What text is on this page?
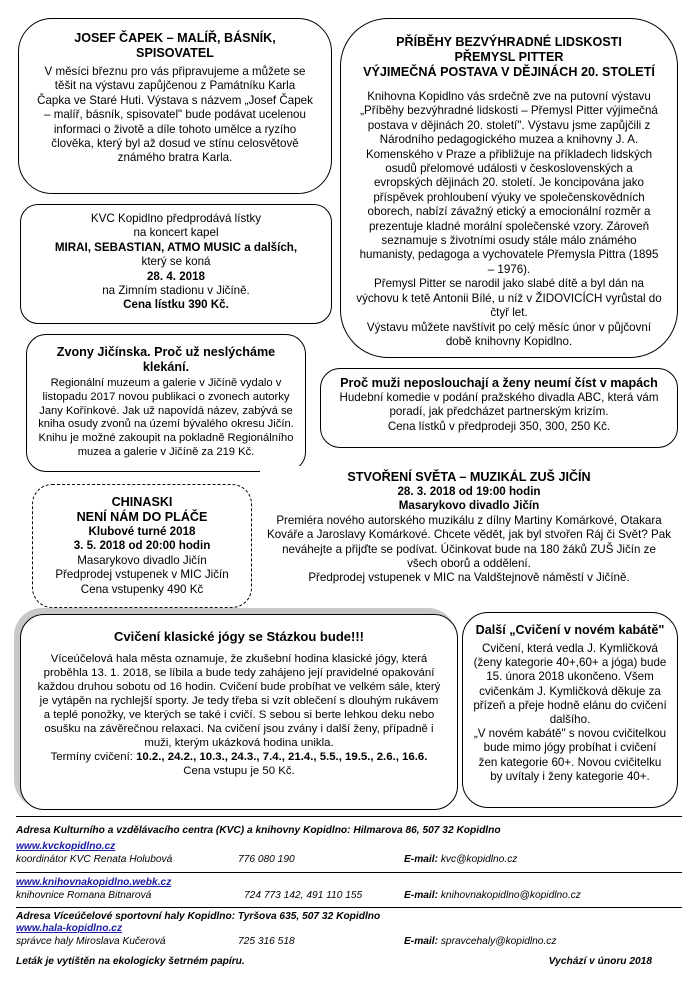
JOSEF ČAPEK – MALÍŘ, BÁSNÍK, SPISOVATEL

V měsíci březnu pro vás připravujeme a můžete se těšit na výstavu zapůjčenou z Památníku Karla Čapka ve Staré Huti. Výstava s názvem „Josef Čapek – malíř, básník, spisovatel" bude podávat ucelenou informaci o životě a díle tohoto umělce a ryzího člověka, který byl až dosud ve stínu celosvětově známého bratra Karla.

PŘÍBĚHY BEZVÝHRADNÉ LIDSKOSTI

PŘEMYSL PITTER

VÝJIMEČNÁ POSTAVA V DĚJINÁCH 20. STOLETÍ

Knihovna Kopidlno vás srdečně zve na putovní výstavu „Příběhy bezvýhradné lidskosti – Přemysl Pitter výjimečná postava v dějinách 20. století". Výstavu jsme zapůjčili z Národního pedagogického muzea a knihovny J. A. Komenského v Praze a přibližuje na příkladech lidských osudů přelomové události v československých a evropských dějinách 20. století. Je koncipována jako příspěvek prohloubení výuky ve společenskovědních oborech, nabízí závažný etický a emocionální rozměr a prezentuje kladné morální společenské vzory. Zároveň seznamuje s životními osudy stále málo známého humanisty, pedagoga a vychovatele Přemysla Pittra (1895 – 1976).

Přemysl Pitter se narodil jako slabé dítě a byl dán na výchovu k tetě Antonii Bílé, u níž v ŽIDOVICÍCH vyrůstal do čtyř let.

Výstavu můžete navštívit po celý měsíc únor v půjčovní době knihovny Kopidlno.

KVC Kopidlno předprodává lístky

na koncert kapel

MIRAI, SEBASTIAN, ATMO MUSIC a dalších,

který se koná

28. 4. 2018

na Zimním stadionu v Jičíně.

Cena lístku 390 Kč.

Zvony Jičínska. Proč už neslýcháme klekání.

Regionální muzeum a galerie v Jičíně vydalo v listopadu 2017 novou publikaci o zvonech autorky Jany Kořínkové. Jak už napovídá název, zabývá se kniha osudy zvonů na území bývalého okresu Jičín.

Knihu je možné zakoupit na pokladně Regionálního muzea a galerie v Jičíně za 219 Kč.

Proč muži neposlouchají a ženy neumí číst v mapách

Hudební komedie v podání pražského divadla ABC, která vám poradí, jak předcházet partnerským krizím.

Cena lístků v předprodeji 350, 300, 250 Kč.

CHINASKI

NENÍ NÁM DO PLÁČE

Klubové turné 2018

3. 5. 2018 od 20:00 hodin

Masarykovo divadlo Jičín

Předprodej vstupenek v MIC Jičín

Cena vstupenky 490 Kč

STVOŘENÍ SVĚTA – MUZIKÁL ZUŠ JIČÍN

28. 3. 2018 od 19:00 hodin

Masarykovo divadlo Jičín

Premiéra nového autorského muzikálu z dílny Martiny Komárkové, Otakara Kováře a Jaroslavy Komárkové. Chcete vědět, jak byl stvořen Ráj či Svět? Pak neváhejte a přijďte se podívat. Účinkovat bude na 180 žáků ZUŠ Jičín ze všech oborů a oddělení.

Předprodej vstupenek v MIC na Valdštejnově náměstí v Jičíně.

Cvičení klasické jógy se Stázkou bude!!!

Víceúčelová hala města oznamuje, že zkušební hodina klasické jógy, která proběhla 13. 1. 2018, se líbila a bude tedy zahájeno její pravidelné opakování každou druhou sobotu od 16 hodin. Cvičení bude probíhat ve velkém sále, který je vytápěn na rychlejší sporty. Je tedy třeba si vzít oblečení s dlouhým rukávem a teplé ponožky, ve kterých se také i cvičí. S sebou si berte lehkou deku nebo osušku na závěrečnou relaxaci. Na cvičení jsou zvány i další ženy, případně i muži, kterým ukázková hodina unikla.

Termíny cvičení: 10.2., 24.2., 10.3., 24.3., 7.4., 21.4., 5.5., 19.5., 2.6., 16.6.

Cena vstupu je 50 Kč.

Další „Cvičení v novém kabátě"

Cvičení, která vedla J. Kymličková (ženy kategorie 40+,60+ a jóga) bude 15. února 2018 ukončeno. Všem cvičenkám J. Kymličková děkuje za přízeň a přeje hodně elánu do cvičení dalšího.

„V novém kabátě" s novou cvičitelkou bude mimo jógy probíhat i cvičení žen kategorie 60+. Novou cvičitelku by uvítaly i ženy kategorie 40+.

Adresa Kulturního a vzdělávacího centra (KVC) a knihovny Kopidlno: Hilmarova 86, 507 32 Kopidlno
www.kvckopidlno.cz
koordinátor KVC Renata Holubová	776 080 190	E-mail: kvc@kopidlno.cz
www.knihovnakopidlno.webk.cz
knihovnice Romana Bitnarová	724 773 142, 491 110 155	E-mail: knihovnakopidlno@kopidlno.cz
Adresa Víceúčelové sportovní haly Kopidlno: Tyršova 635, 507 32 Kopidlno
www.hala-kopidlno.cz
správce haly Miroslava Kučerová	725 316 518	E-mail: spravcehaly@kopidlno.cz
Leták je vytištěn na ekologicky šetrném papíru.	Vychází v únoru 2018
